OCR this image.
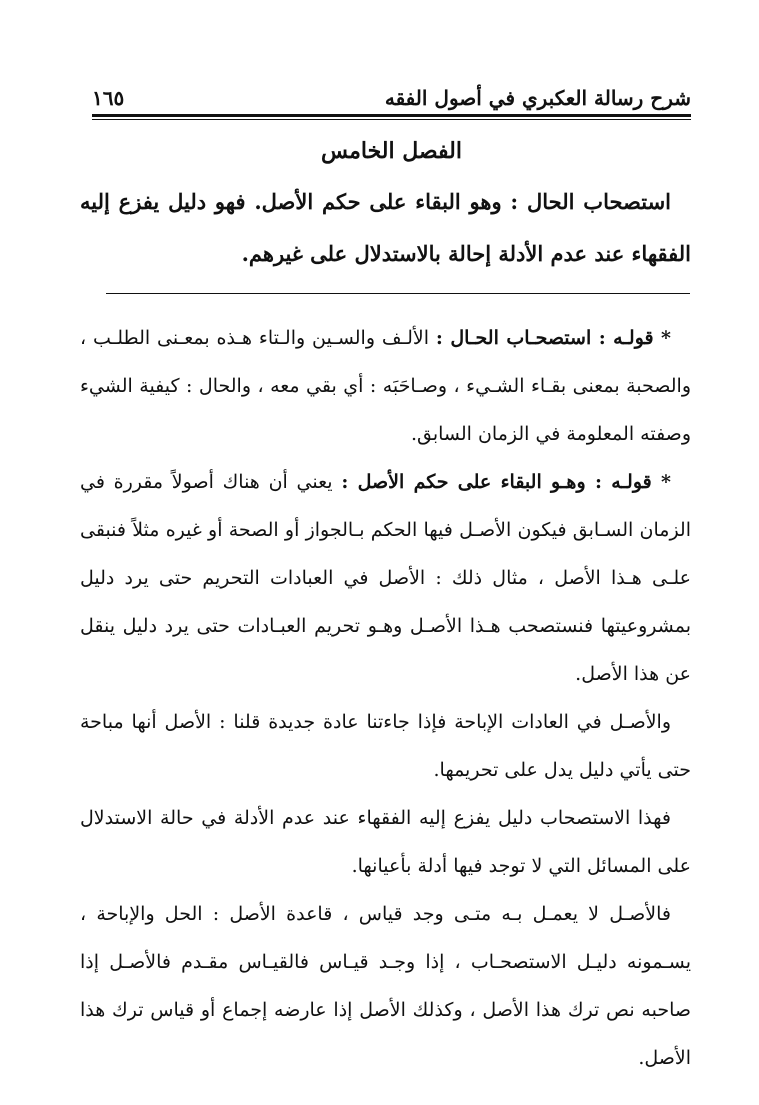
شرح رسالة العكبري في أصول الفقه
١٦٥
الفصل الخامس

استصحاب الحال : وهو البقاء على حكم الأصل. فهو دليل يفزع إليه الفقهاء عند عدم الأدلة إحالة بالاستدلال على غيرهم.

* قولـه : استصحـاب الحـال : الألـف والسـين والـتاء هـذه بمعـنى الطلـب ، والصحبة بمعنى بقـاء الشـيء ، وصـاحَبَه : أي بقي معه ، والحال : كيفية الشيء وصفته المعلومة في الزمان السابق.

* قولـه : وهـو البقاء على حكم الأصل : يعني أن هناك أصولاً مقررة في الزمان السـابق فيكون الأصـل فيها الحكم بـالجواز أو الصحة أو غيره مثلاً فنبقى علـى هـذا الأصل ، مثال ذلك : الأصل في العبادات التحريم حتى يرد دليل بمشروعيتها فنستصحب هـذا الأصـل وهـو تحريم العبـادات حتى يرد دليل ينقل عن هذا الأصل.

والأصـل في العادات الإباحة فإذا جاءتنا عادة جديدة قلنا : الأصل أنها مباحة حتى يأتي دليل يدل على تحريمها.

فهذا الاستصحاب دليل يفزع إليه الفقهاء عند عدم الأدلة في حالة الاستدلال على المسائل التي لا توجد فيها أدلة بأعيانها.

فالأصـل لا يعمـل بـه متـى وجد قياس ، قاعدة الأصل : الحل والإباحة ، يسـمونه دليـل الاستصحـاب ، إذا وجـد قيـاس فالقيـاس مقـدم فالأصـل إذا صاحبه نص ترك هذا الأصل ، وكذلك الأصل إذا عارضه إجماع أو قياس ترك هذا الأصل.
